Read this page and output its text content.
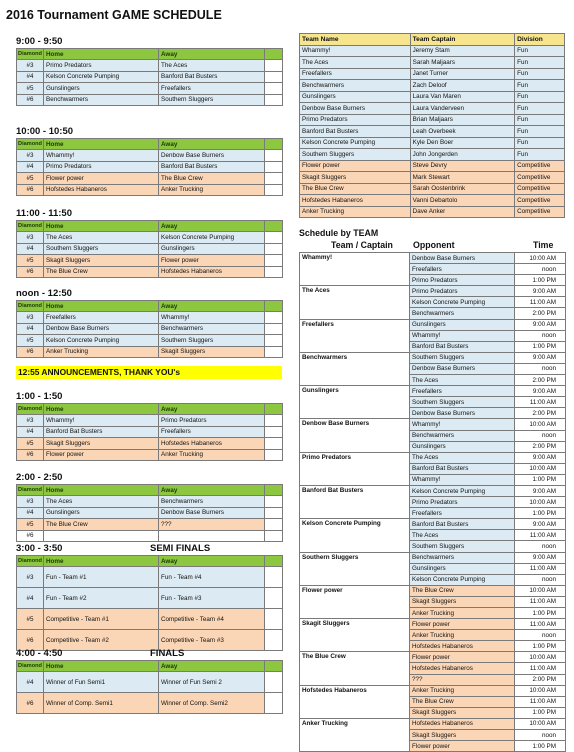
2016 Tournament GAME SCHEDULE
12:55 ANNOUNCEMENTS, THANK YOU's
9:00 - 9:50
Diamond	Home	Away	
#3	Primo Predators	The Aces	
#4	Kelson Concrete Pumping	Banford Bat Busters	
#5	Gunslingers	Freefallers	
#6	Benchwarmers	Southern Sluggers	
10:00 - 10:50
Diamond	Home	Away	
#3	Whammy!	Denbow Base Burners	
#4	Primo Predators	Banford Bat Busters	
#5	Flower power	The Blue Crew	
#6	Hofstedes Habaneros	Anker Trucking	
11:00 - 11:50
Diamond	Home	Away	
#3	The Aces	Kelson Concrete Pumping	
#4	Southern Sluggers	Gunslingers	
#5	Skagit Sluggers	Flower power	
#6	The Blue Crew	Hofstedes Habaneros	
noon - 12:50
Diamond	Home	Away	
#3	Freefallers	Whammy!	
#4	Denbow Base Burners	Benchwarmers	
#5	Kelson Concrete Pumping	Southern Sluggers	
#6	Anker Trucking	Skagit Sluggers	
1:00 - 1:50
Diamond	Home	Away	
#3	Whammy!	Primo Predators	
#4	Banford Bat Busters	Freefallers	
#5	Skagit Sluggers	Hofstedes Habaneros	
#6	Flower power	Anker Trucking	
2:00 - 2:50
Diamond	Home	Away	
#3	The Aces	Benchwarmers	
#4	Gunslingers	Denbow Base Burners	
#5	The Blue Crew	???	
#6			
3:00 - 3:50	SEMI FINALS
Diamond	Home	Away	
#3	Fun - Team #1	Fun - Team #4	
#4	Fun - Team #2	Fun - Team #3	
#5	Competitive - Team #1	Competitive - Team #4	
#6	Competitive - Team #2	Competitive - Team #3	
4:00 - 4:50	FINALS
Diamond	Home	Away	
#4	Winner of Fun Semi1	Winner of Fun Semi 2	
#6	Winner of Comp. Semi1	Winner of Comp. Semi2	
Team Name	Team Captain	Division
Whammy!	Jeremy Stam	Fun
The Aces	Sarah Maljaars	Fun
Freefallers	Janet Turner	Fun
Benchwarmers	Zach Deloof	Fun
Gunslingers	Laura Van Maren	Fun
Denbow Base Burners	Laura Vanderveen	Fun
Primo Predators	Brian Maljaars	Fun
Banford Bat Busters	Leah Overbeek	Fun
Kelson Concrete Pumping	Kyle Den Boer	Fun
Southern Sluggers	John Jongerden	Fun
Flower power	Steve Devry	Competitive
Skagit Sluggers	Mark Stewart	Competitive
The Blue Crew	Sarah Oostenbrink	Competitive
Hofstedes Habaneros	Vanni Debartolo	Competitive
Anker Trucking	Dave Anker	Competitive
Schedule by TEAM
Team / Captain Opponent	Time
Whammy!	Denbow Base Burners	10:00 AM
	Freefallers	noon
	Primo Predators	1:00 PM
The Aces	Primo Predators	9:00 AM
	Kelson Concrete Pumping	11:00 AM
	Benchwarmers	2:00 PM
Freefallers	Gunslingers	9:00 AM
	Whammy!	noon
	Banford Bat Busters	1:00 PM
Benchwarmers	Southern Sluggers	9:00 AM
	Denbow Base Burners	noon
	The Aces	2:00 PM
Gunslingers	Freefallers	9:00 AM
	Southern Sluggers	11:00 AM
	Denbow Base Burners	2:00 PM
Denbow Base Burners	Whammy!	10:00 AM
	Benchwarmers	noon
	Gunslingers	2:00 PM
Primo Predators	The Aces	9:00 AM
	Banford Bat Busters	10:00 AM
	Whammy!	1:00 PM
Banford Bat Busters	Kelson Concrete Pumping	9:00 AM
	Primo Predators	10:00 AM
	Freefallers	1:00 PM
Kelson Concrete Pumping	Banford Bat Busters	9:00 AM
	The Aces	11:00 AM
	Southern Sluggers	noon
Southern Sluggers	Benchwarmers	9:00 AM
	Gunslingers	11:00 AM
	Kelson Concrete Pumping	noon
Flower power	The Blue Crew	10:00 AM
	Skagit Sluggers	11:00 AM
	Anker Trucking	1:00 PM
Skagit Sluggers	Flower power	11:00 AM
	Anker Trucking	noon
	Hofstedes Habaneros	1:00 PM
The Blue Crew	Flower power	10:00 AM
	Hofstedes Habaneros	11:00 AM
	???	2:00 PM
Hofstedes Habaneros	Anker Trucking	10:00 AM
	The Blue Crew	11:00 AM
	Skagit Sluggers	1:00 PM
Anker Trucking	Hofstedes Habaneros	10:00 AM
	Skagit Sluggers	noon
	Flower power	1:00 PM
